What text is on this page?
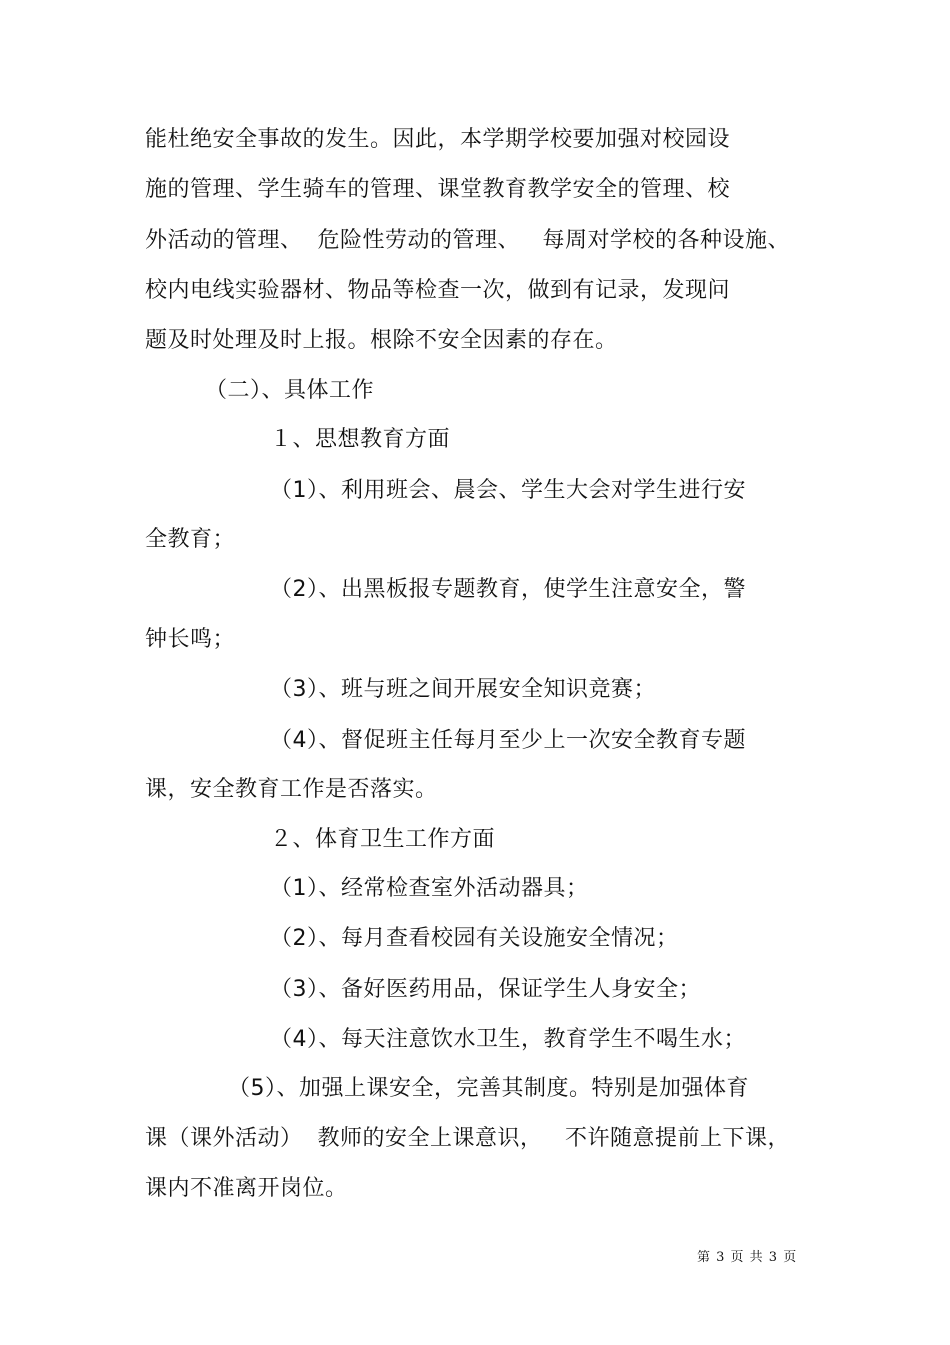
能杜绝安全事故的发生。因此，本学期学校要加强对校园设
施的管理、学生骑车的管理、课堂教育教学安全的管理、校
外活动的管理、  危险性劳动的管理、   每周对学校的各种设施、
校内电线实验器材、物品等检查一次，做到有记录，发现问
题及时处理及时上报。根除不安全因素的存在。
（二）、具体工作
１、思想教育方面
（1）、利用班会、晨会、学生大会对学生进行安
全教育；
（2）、出黑板报专题教育，使学生注意安全，警
钟长鸣；
（3）、班与班之间开展安全知识竞赛；
（4）、督促班主任每月至少上一次安全教育专题
课，安全教育工作是否落实。
２、体育卫生工作方面
（1）、经常检查室外活动器具；
（2）、每月查看校园有关设施安全情况；
（3）、备好医药用品，保证学生人身安全；
（4）、每天注意饮水卫生，教育学生不喝生水；
（5）、加强上课安全，完善其制度。特别是加强体育
课（课外活动）  教师的安全上课意识，   不许随意提前上下课，
课内不准离开岗位。
第 3 页 共 3 页
